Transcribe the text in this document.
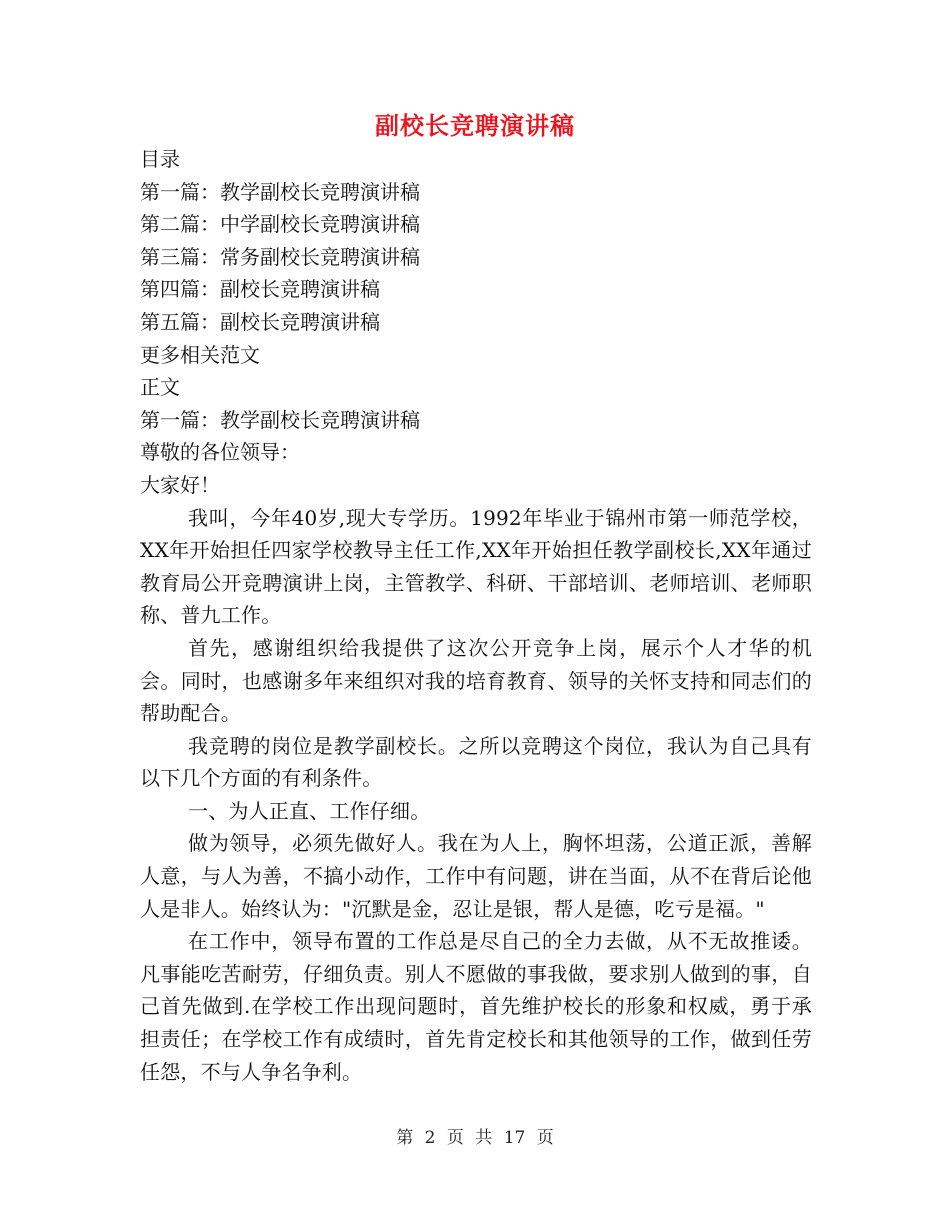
副校长竞聘演讲稿

目录

第一篇：教学副校长竞聘演讲稿

第二篇：中学副校长竞聘演讲稿

第三篇：常务副校长竞聘演讲稿

第四篇：副校长竞聘演讲稿

第五篇：副校长竞聘演讲稿

更多相关范文

正文

第一篇：教学副校长竞聘演讲稿

尊敬的各位领导：

大家好！

我叫，今年40岁,现大专学历。1992年毕业于锦州市第一师范学校， XX年开始担任四家学校教导主任工作,XX年开始担任教学副校长,XX年通过教育局公开竞聘演讲上岗，主管教学、科研、干部培训、老师培训、老师职称、普九工作。

首先，感谢组织给我提供了这次公开竞争上岗，展示个人才华的机会。同时，也感谢多年来组织对我的培育教育、领导的关怀支持和同志们的帮助配合。

我竞聘的岗位是教学副校长。之所以竞聘这个岗位，我认为自己具有以下几个方面的有利条件。

一、为人正直、工作仔细。

做为领导，必须先做好人。我在为人上，胸怀坦荡，公道正派，善解人意，与人为善，不搞小动作，工作中有问题，讲在当面，从不在背后论他人是非人。始终认为："沉默是金，忍让是银，帮人是德，吃亏是福。"

在工作中，领导布置的工作总是尽自己的全力去做，从不无故推诿。凡事能吃苦耐劳，仔细负责。别人不愿做的事我做，要求别人做到的事，自己首先做到.在学校工作出现问题时，首先维护校长的形象和权威，勇于承担责任；在学校工作有成绩时，首先肯定校长和其他领导的工作，做到任劳任怨，不与人争名争利。

第 2 页 共 17 页
